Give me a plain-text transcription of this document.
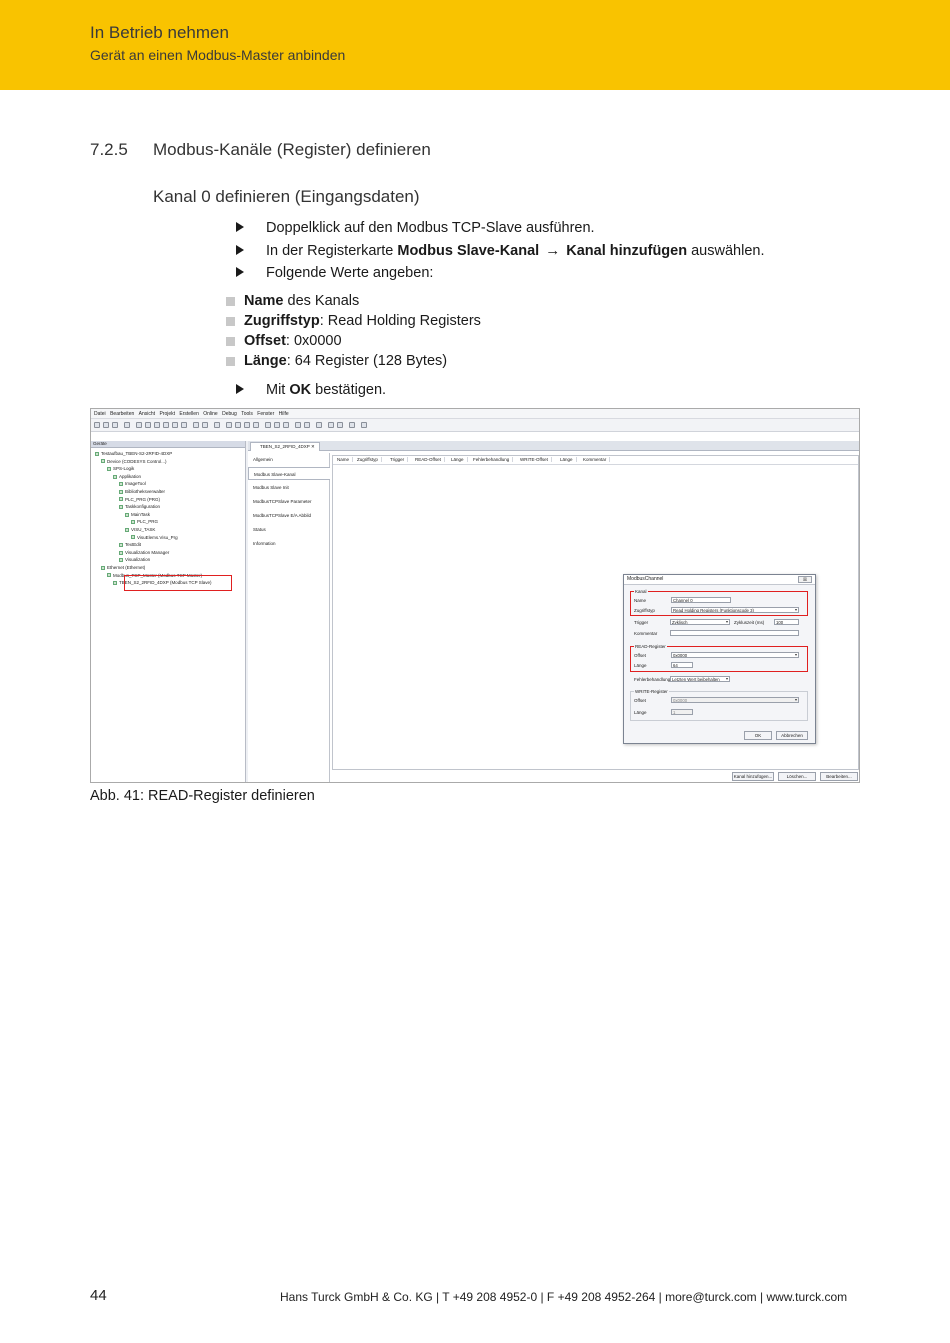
In Betrieb nehmen
Gerät an einen Modbus-Master anbinden
7.2.5 Modbus-Kanäle (Register) definieren
Kanal 0 definieren (Eingangsdaten)
Doppelklick auf den Modbus TCP-Slave ausführen.
In der Registerkarte Modbus Slave-Kanal → Kanal hinzufügen auswählen.
Folgende Werte angeben:
Name des Kanals
Zugriffstyp: Read Holding Registers
Offset: 0x0000
Länge: 64 Register (128 Bytes)
Mit OK bestätigen.
Datei Bearbeiten Ansicht Projekt Erstellen Online Debug Tools Fenster Hilfe
Geräte
Testaufbau_TBEN-S2-2RFID-4DXP
Device (CODESYS Control...)
SPS-Logik
Applikation
ImageTool
Bibliotheksverwalter
PLC_PRG (PRG)
Taskkonfiguration
MainTask
PLC_PRG
VISU_TASK
VisuElems.Visu_Prg
TextEdit
Visualization Manager
Visualization
Ethernet (Ethernet)
Modbus_TCP_Master (Modbus TCP Master)
TBEN_S2_2RFID_4DXP (Modbus TCP Slave)
TBEN_S2_2RFID_4DXP ✕
Allgemein
Modbus Slave-Kanal
Modbus Slave Init
ModbusTCPSlave Parameter
ModbusTCPSlave E/A Abbild
Status
Information
Name	Zugriffstyp	Trigger	READ-Offset	Länge	Fehlerbehandlung	WRITE-Offset	Länge	Kommentar
ModbusChannel	☒
Kanal
Name	Channel 0
Zugriffstyp	Read Holding Registers (Funktionscode 3)
Trigger	Zyklisch	Zykluszeit (ms)	100
Kommentar
READ-Register
Offset	0x0000
Länge	64
Fehlerbehandlung Letzten Wert beibehalten
WRITE-Register
Offset	0x0000
Länge	1
OK	Abbrechen
Kanal hinzufügen...	Löschen...	Bearbeiten...
Abb. 41: READ-Register definieren
44	Hans Turck GmbH & Co. KG | T +49 208 4952-0 | F +49 208 4952-264 | more@turck.com | www.turck.com
